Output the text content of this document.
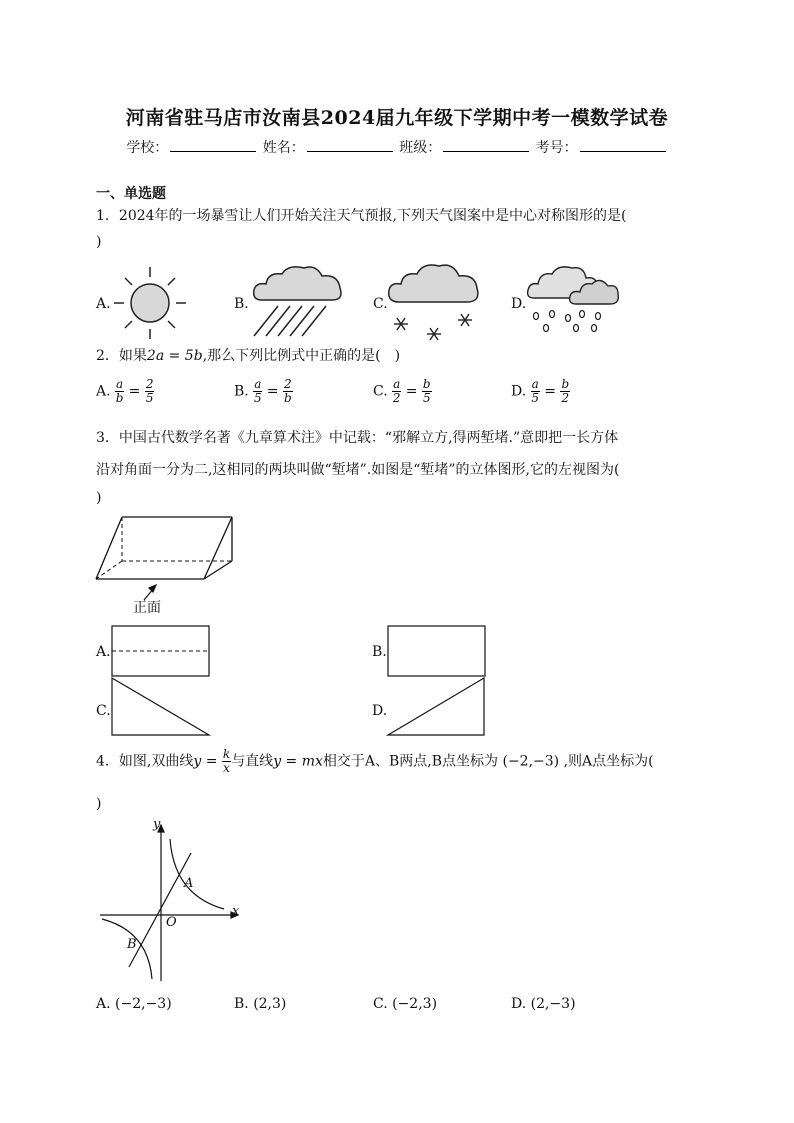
河南省驻马店市汝南县2024届九年级下学期中考一模数学试卷
学校：	姓名：	班级：	考号：
一、单选题
1．2024年的一场暴雪让人们开始关注天气预报,下列天气图案中是中心对称图形的是(
)
A.	B.	C.	D.
2．如果2a = 5b,那么下列比例式中正确的是(　)
A. $\frac{a}{b} = \frac{2}{5}$	B. $\frac{a}{5} = \frac{2}{b}$	C. $\frac{a}{2} = \frac{b}{5}$	D. $\frac{a}{5} = \frac{b}{2}$
3．中国古代数学名著《九章算术注》中记载：“邪解立方,得两堑堵.”意即把一长方体
沿对角面一分为二,这相同的两块叫做“堑堵”.如图是“堑堵”的立体图形,它的左视图为(
)
正面
A.	B.
C.	D.
4．如图,双曲线$y = \frac{k}{x}$ 与直线y = mx相交于A、B两点,B点坐标为 (−2,−3) ,则A点坐标为(
)
y
x
O
A
B
A. (−2,−3)	B. (2,3)	C. (−2,3)	D. (2,−3)
